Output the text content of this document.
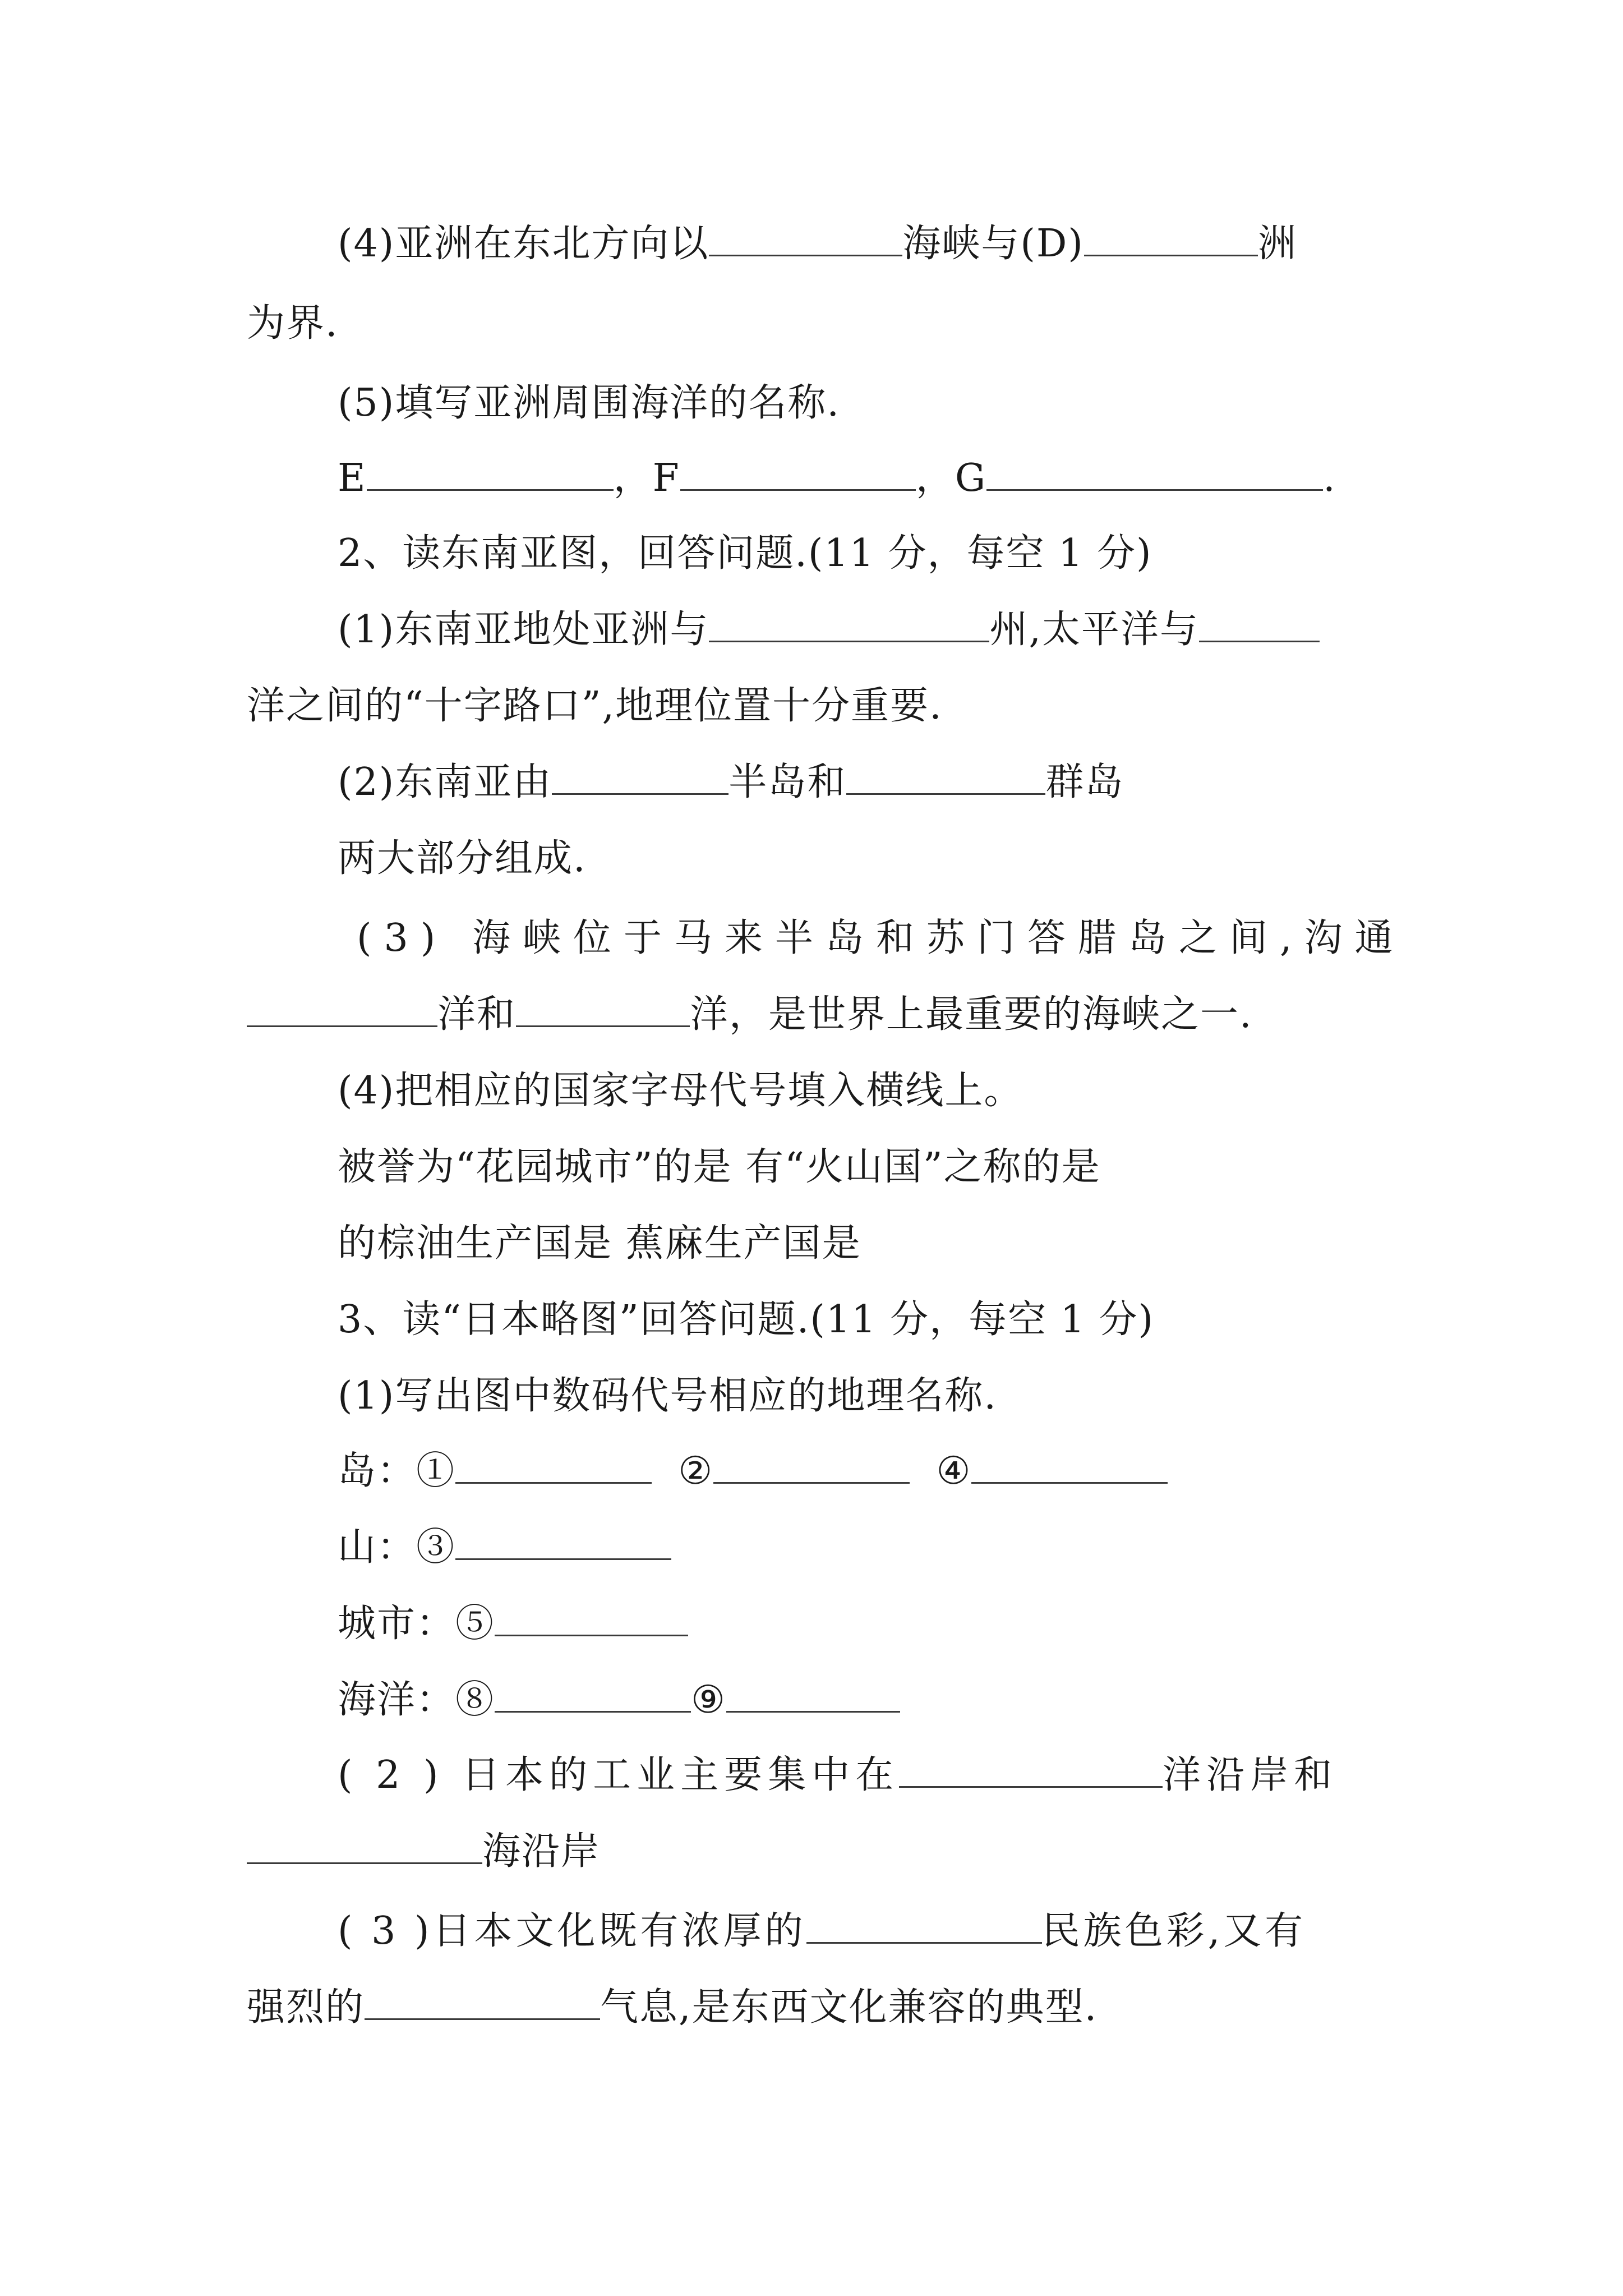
(4)亚洲在东北方向以	海峡与(D)	洲
为界.
(5)填写亚洲周围海洋的名称.
E	，F	，G	.
2、读东南亚图，回答问题.(11 分，每空 1 分)
(1)东南亚地处亚洲与	州,太平洋与
洋之间的“十字路口”,地理位置十分重要.
(2)东南亚由	半岛和	群岛
两大部分组成.
(3) 海峡位于马来半岛和苏门答腊岛之间,沟通
洋和	洋，是世界上最重要的海峡之一.
(4)把相应的国家字母代号填入横线上。
被誉为“花园城市”的是 有“火山国”之称的是
的棕油生产国是 蕉麻生产国是
3、读“日本略图”回答问题.(11 分，每空 1 分)
(1)写出图中数码代号相应的地理名称.
岛：①	②	④
山：③
城市：⑤
海洋：⑧	⑨
( 2 ) 日本的工业主要集中在	洋沿岸和
海沿岸
( 3 )日本文化既有浓厚的	民族色彩,又有
强烈的	气息,是东西文化兼容的典型.
